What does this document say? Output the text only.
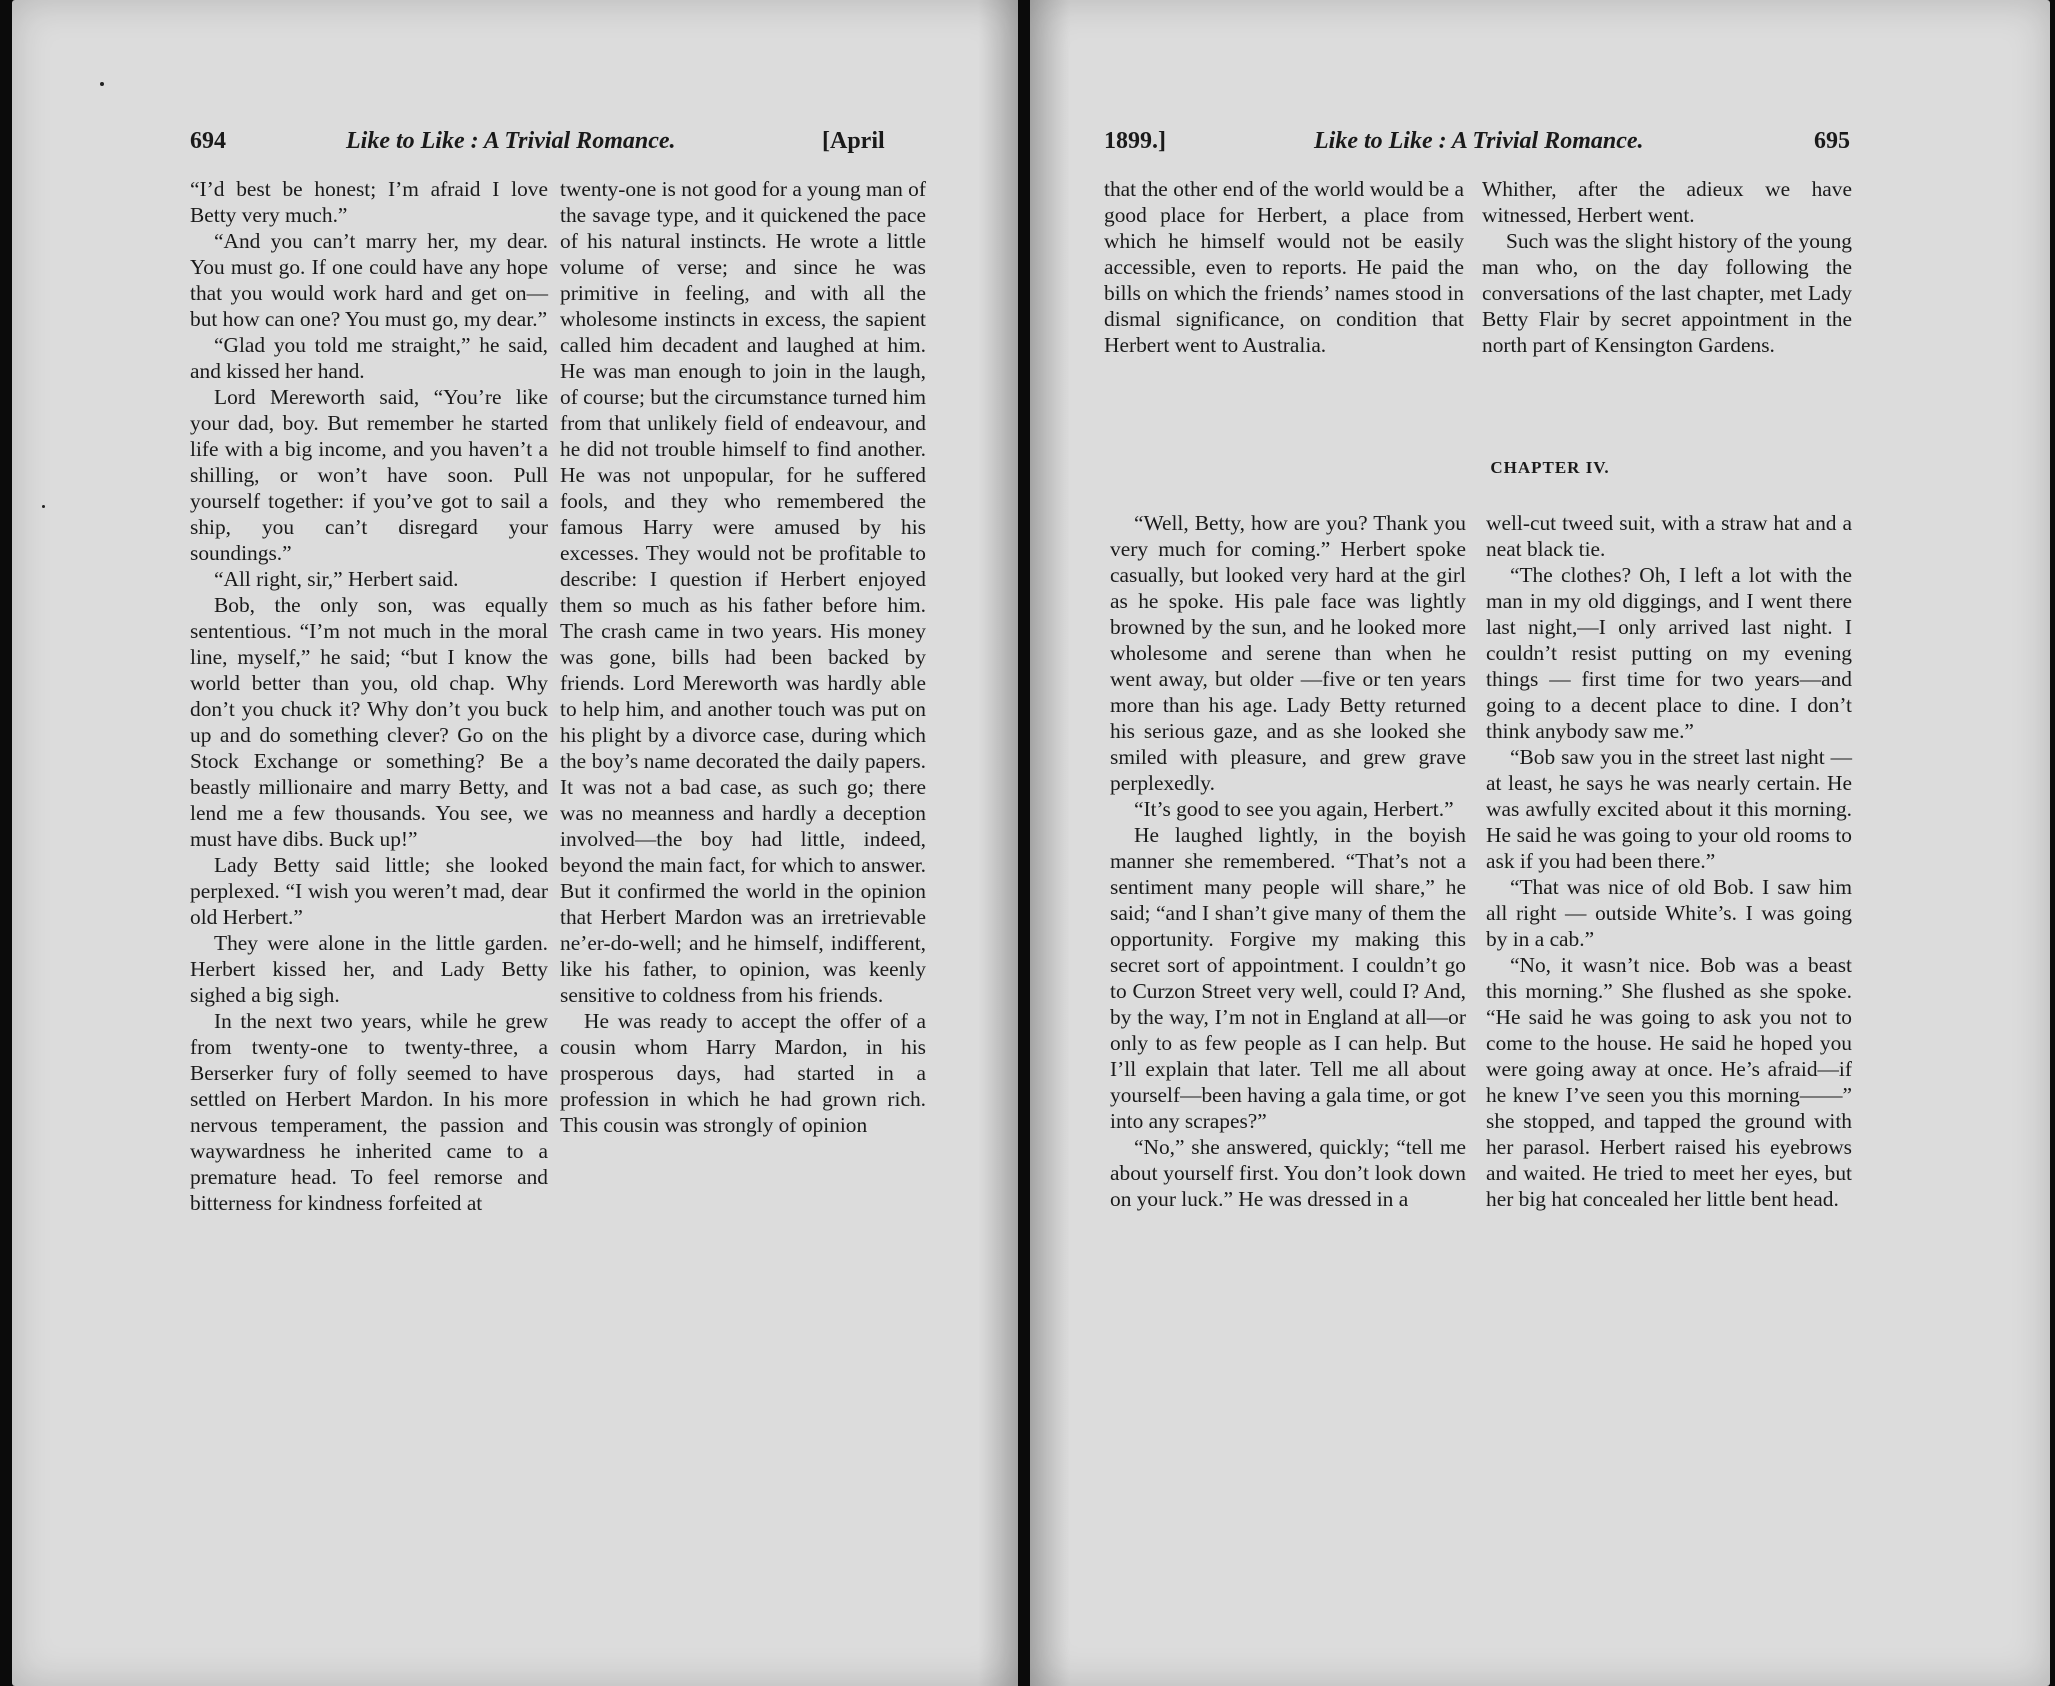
694	Like to Like : A Trivial Romance.	[April

“I’d best be honest; I’m afraid I love Betty very much.”

“And you can’t marry her, my dear. You must go. If one could have any hope that you would work hard and get on—but how can one? You must go, my dear.”

“Glad you told me straight,” he said, and kissed her hand.

Lord Mereworth said, “You’re like your dad, boy. But remember he started life with a big income, and you haven’t a shilling, or won’t have soon. Pull yourself together: if you’ve got to sail a ship, you can’t disregard your soundings.”

“All right, sir,” Herbert said.

Bob, the only son, was equally sententious. “I’m not much in the moral line, myself,” he said; “but I know the world better than you, old chap. Why don’t you chuck it? Why don’t you buck up and do something clever? Go on the Stock Exchange or something? Be a beastly millionaire and marry Betty, and lend me a few thousands. You see, we must have dibs. Buck up!”

Lady Betty said little; she looked perplexed. “I wish you weren’t mad, dear old Herbert.”

They were alone in the little garden. Herbert kissed her, and Lady Betty sighed a big sigh.

In the next two years, while he grew from twenty-one to twenty-three, a Berserker fury of folly seemed to have settled on Herbert Mardon. In his more nervous temperament, the passion and waywardness he inherited came to a premature head. To feel remorse and bitterness for kindness forfeited at

twenty-one is not good for a young man of the savage type, and it quickened the pace of his natural instincts. He wrote a little volume of verse; and since he was primitive in feeling, and with all the wholesome instincts in excess, the sapient called him decadent and laughed at him. He was man enough to join in the laugh, of course; but the circumstance turned him from that unlikely field of endeavour, and he did not trouble himself to find another. He was not unpopular, for he suffered fools, and they who remembered the famous Harry were amused by his excesses. They would not be profitable to describe: I question if Herbert enjoyed them so much as his father before him. The crash came in two years. His money was gone, bills had been backed by friends. Lord Mereworth was hardly able to help him, and another touch was put on his plight by a divorce case, during which the boy’s name decorated the daily papers. It was not a bad case, as such go; there was no meanness and hardly a deception involved—the boy had little, indeed, beyond the main fact, for which to answer. But it confirmed the world in the opinion that Herbert Mardon was an irretrievable ne’er-do-well; and he himself, indifferent, like his father, to opinion, was keenly sensitive to coldness from his friends.

He was ready to accept the offer of a cousin whom Harry Mardon, in his prosperous days, had started in a profession in which he had grown rich. This cousin was strongly of opinion

1899.]	Like to Like : A Trivial Romance.	695

that the other end of the world would be a good place for Herbert, a place from which he himself would not be easily accessible, even to reports. He paid the bills on which the friends’ names stood in dismal significance, on condition that Herbert went to Australia.

Whither, after the adieux we have witnessed, Herbert went.

Such was the slight history of the young man who, on the day following the conversations of the last chapter, met Lady Betty Flair by secret appointment in the north part of Kensington Gardens.

CHAPTER IV.

“Well, Betty, how are you? Thank you very much for coming.” Herbert spoke casually, but looked very hard at the girl as he spoke. His pale face was lightly browned by the sun, and he looked more wholesome and serene than when he went away, but older —five or ten years more than his age. Lady Betty returned his serious gaze, and as she looked she smiled with pleasure, and grew grave perplexedly.

“It’s good to see you again, Herbert.”

He laughed lightly, in the boyish manner she remembered. “That’s not a sentiment many people will share,” he said; “and I shan’t give many of them the opportunity. Forgive my making this secret sort of appointment. I couldn’t go to Curzon Street very well, could I? And, by the way, I’m not in England at all—or only to as few people as I can help. But I’ll explain that later. Tell me all about yourself—been having a gala time, or got into any scrapes?”

“No,” she answered, quickly; “tell me about yourself first. You don’t look down on your luck.” He was dressed in a

well-cut tweed suit, with a straw hat and a neat black tie.

“The clothes? Oh, I left a lot with the man in my old diggings, and I went there last night,—I only arrived last night. I couldn’t resist putting on my evening things — first time for two years—and going to a decent place to dine. I don’t think anybody saw me.”

“Bob saw you in the street last night — at least, he says he was nearly certain. He was awfully excited about it this morning. He said he was going to your old rooms to ask if you had been there.”

“That was nice of old Bob. I saw him all right — outside White’s. I was going by in a cab.”

“No, it wasn’t nice. Bob was a beast this morning.” She flushed as she spoke. “He said he was going to ask you not to come to the house. He said he hoped you were going away at once. He’s afraid—if he knew I’ve seen you this morning——” she stopped, and tapped the ground with her parasol. Herbert raised his eyebrows and waited. He tried to meet her eyes, but her big hat concealed her little bent head.
